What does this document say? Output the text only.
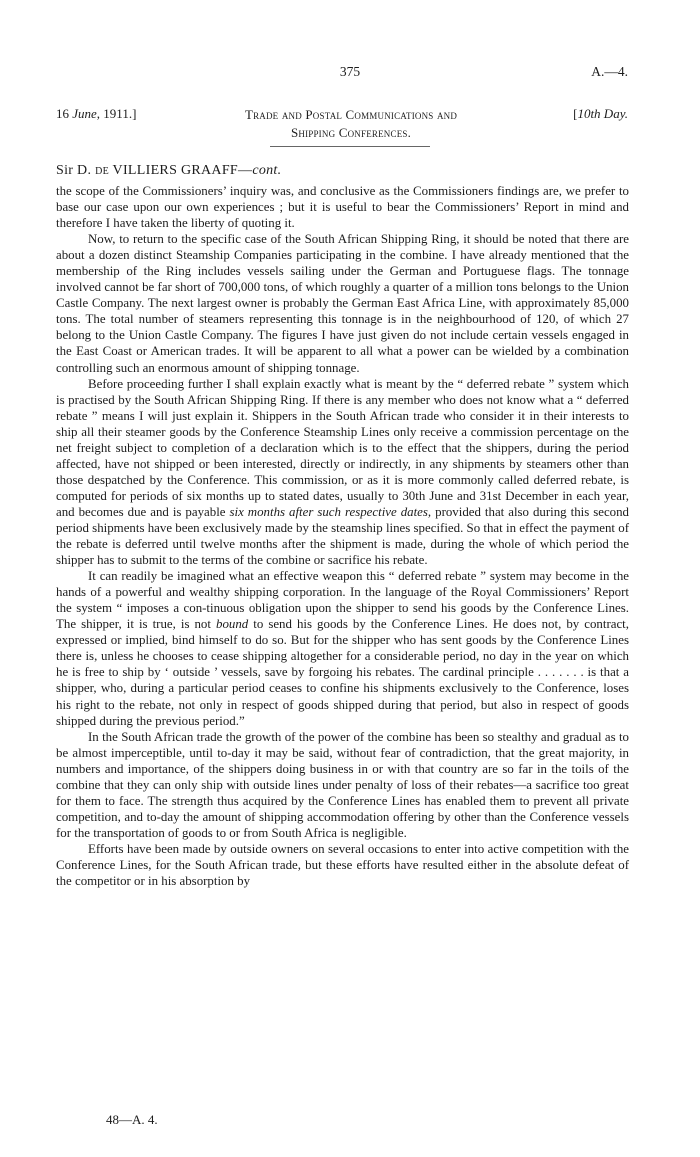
375	A.—4.
16 June, 1911.]	Trade and Postal Communications and
Shipping Conferences.
[10th Day.
Sir D. de VILLIERS GRAAFF—cont.

the scope of the Commissioners’ inquiry was, and conclusive as the Commissioners findings are, we prefer to base our case upon our own experiences ; but it is useful to bear the Commissioners’ Report in mind and therefore I have taken the liberty of quoting it.

Now, to return to the specific case of the South African Shipping Ring, it should be noted that there are about a dozen distinct Steamship Companies participating in the combine. I have already mentioned that the membership of the Ring includes vessels sailing under the German and Portuguese flags. The tonnage involved cannot be far short of 700,000 tons, of which roughly a quarter of a million tons belongs to the Union Castle Company. The next largest owner is probably the German East Africa Line, with approximately 85,000 tons. The total number of steamers representing this tonnage is in the neighbourhood of 120, of which 27 belong to the Union Castle Company. The figures I have just given do not include certain vessels engaged in the East Coast or American trades. It will be apparent to all what a power can be wielded by a combination controlling such an enormous amount of shipping tonnage.

Before proceeding further I shall explain exactly what is meant by the “ deferred rebate ” system which is practised by the South African Shipping Ring. If there is any member who does not know what a “ deferred rebate ” means I will just explain it. Shippers in the South African trade who consider it in their interests to ship all their steamer goods by the Conference Steamship Lines only receive a commission percentage on the net freight subject to completion of a declaration which is to the effect that the shippers, during the period affected, have not shipped or been interested, directly or indirectly, in any shipments by steamers other than those despatched by the Conference. This commission, or as it is more commonly called deferred rebate, is computed for periods of six months up to stated dates, usually to 30th June and 31st December in each year, and becomes due and is payable six months after such respective dates, provided that also during this second period shipments have been exclusively made by the steamship lines specified. So that in effect the payment of the rebate is deferred until twelve months after the shipment is made, during the whole of which period the shipper has to submit to the terms of the combine or sacrifice his rebate.

It can readily be imagined what an effective weapon this “ deferred rebate ” system may become in the hands of a powerful and wealthy shipping corporation. In the language of the Royal Commissioners’ Report the system “ imposes a con-tinuous obligation upon the shipper to send his goods by the Conference Lines. The shipper, it is true, is not bound to send his goods by the Conference Lines. He does not, by contract, expressed or implied, bind himself to do so. But for the shipper who has sent goods by the Conference Lines there is, unless he chooses to cease shipping altogether for a considerable period, no day in the year on which he is free to ship by ‘ outside ’ vessels, save by forgoing his rebates. The cardinal principle . . . . . . . is that a shipper, who, during a particular period ceases to confine his shipments exclusively to the Conference, loses his right to the rebate, not only in respect of goods shipped during that period, but also in respect of goods shipped during the previous period.”

In the South African trade the growth of the power of the combine has been so stealthy and gradual as to be almost imperceptible, until to-day it may be said, without fear of contradiction, that the great majority, in numbers and importance, of the shippers doing business in or with that country are so far in the toils of the combine that they can only ship with outside lines under penalty of loss of their rebates—a sacrifice too great for them to face. The strength thus acquired by the Conference Lines has enabled them to prevent all private competition, and to-day the amount of shipping accommodation offering by other than the Conference vessels for the transportation of goods to or from South Africa is negligible.

Efforts have been made by outside owners on several occasions to enter into active competition with the Conference Lines, for the South African trade, but these efforts have resulted either in the absolute defeat of the competitor or in his absorption by

48—A. 4.
